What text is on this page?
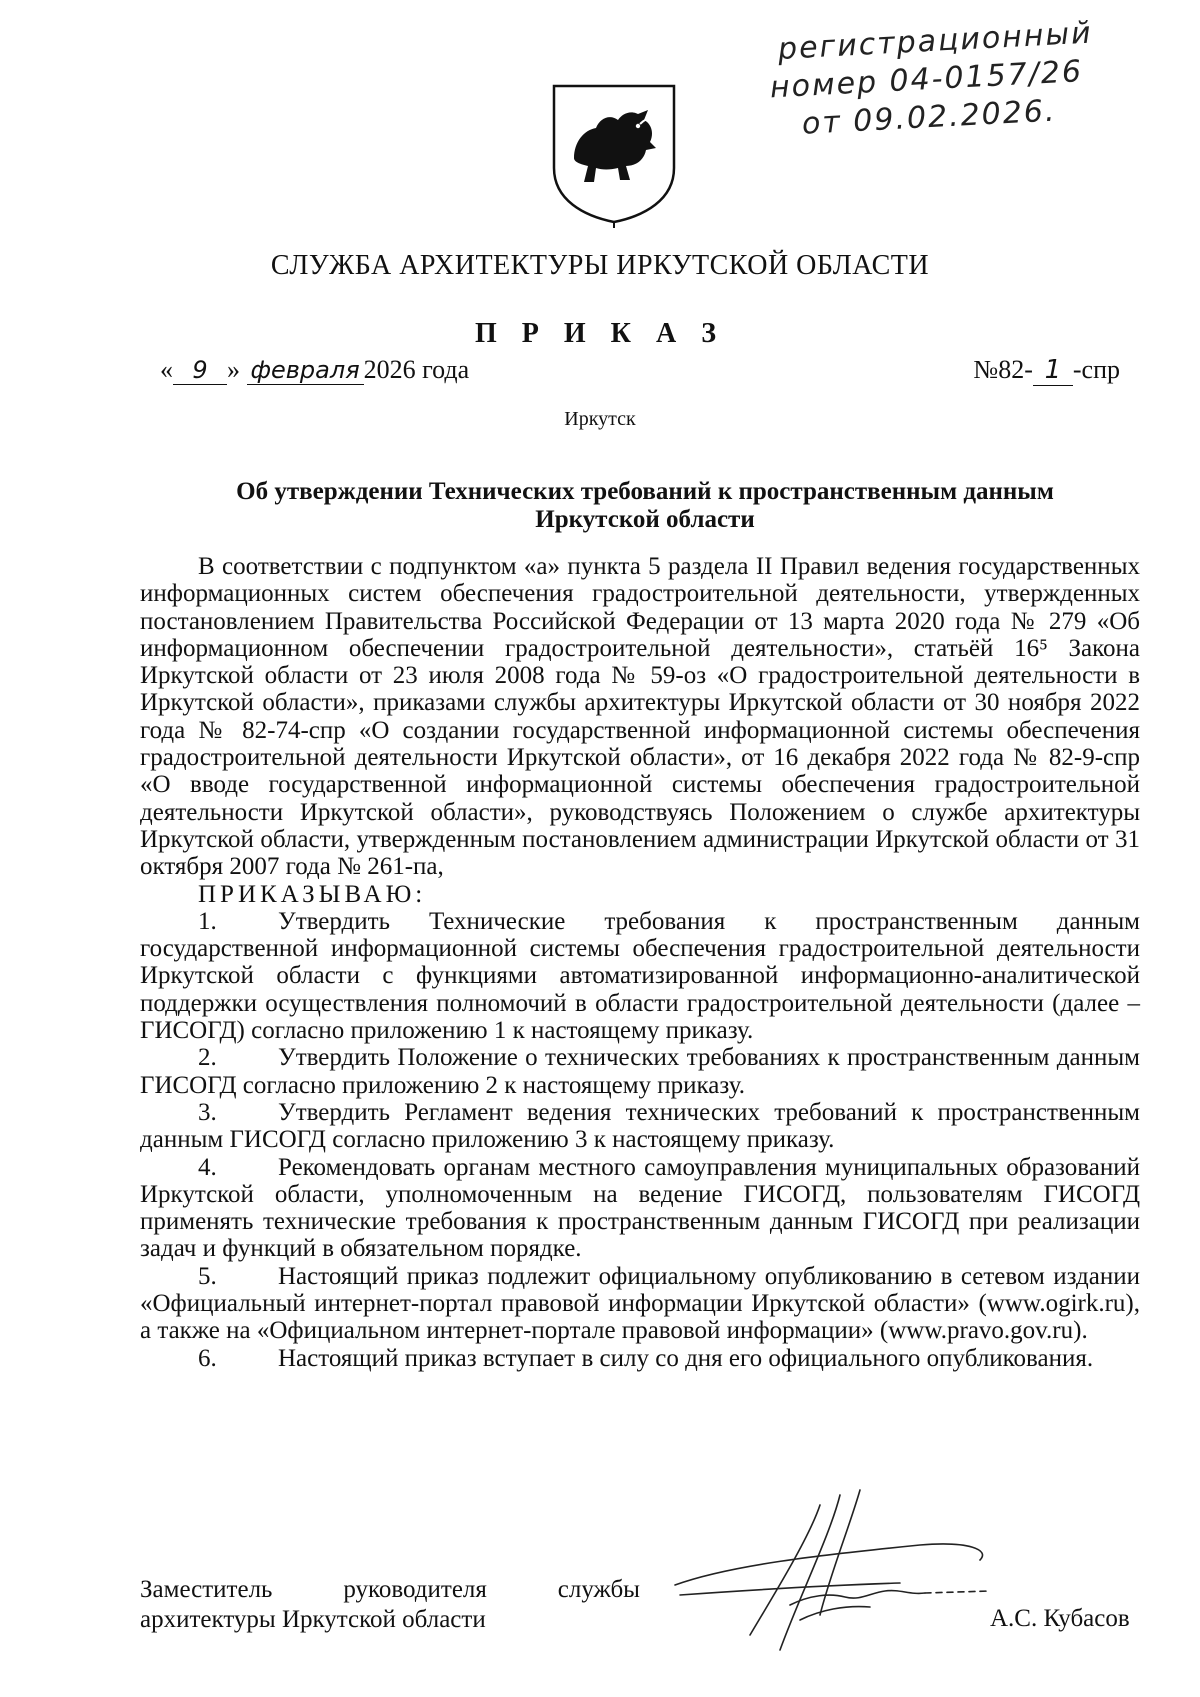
регистрационный
номер 04-0157/26
от 09.02.2026.
СЛУЖБА АРХИТЕКТУРЫ ИРКУТСКОЙ ОБЛАСТИ
П Р И К А З
« 9 » февраля 2026 года	№82- 1 -спр
Иркутск
Об утверждении Технических требований к пространственным данным
Иркутской области

В соответствии с подпунктом «а» пункта 5 раздела II Правил ведения государственных информационных систем обеспечения градостроительной деятельности, утвержденных постановлением Правительства Российской Федерации от 13 марта 2020 года № 279 «Об информационном обеспечении градостроительной деятельности», статьёй 16⁵ Закона Иркутской области от 23 июля 2008 года № 59-оз «О градостроительной деятельности в Иркутской области», приказами службы архитектуры Иркутской области от 30 ноября 2022 года № 82-74-спр «О создании государственной информационной системы обеспечения градостроительной деятельности Иркутской области», от 16 декабря 2022 года № 82-9-спр «О вводе государственной информационной системы обеспечения градостроительной деятельности Иркутской области», руководствуясь Положением о службе архитектуры Иркутской области, утвержденным постановлением администрации Иркутской области от 31 октября 2007 года № 261-па,

ПРИКАЗЫВАЮ:

1. Утвердить Технические требования к пространственным данным государственной информационной системы обеспечения градостроительной деятельности Иркутской области с функциями автоматизированной информационно-аналитической поддержки осуществления полномочий в области градостроительной деятельности (далее – ГИСОГД) согласно приложению 1 к настоящему приказу.

2. Утвердить Положение о технических требованиях к пространственным данным ГИСОГД согласно приложению 2 к настоящему приказу.

3. Утвердить Регламент ведения технических требований к пространственным данным ГИСОГД согласно приложению 3 к настоящему приказу.

4. Рекомендовать органам местного самоуправления муниципальных образований Иркутской области, уполномоченным на ведение ГИСОГД, пользователям ГИСОГД применять технические требования к пространственным данным ГИСОГД при реализации задач и функций в обязательном порядке.

5. Настоящий приказ подлежит официальному опубликованию в сетевом издании «Официальный интернет-портал правовой информации Иркутской области» (www.ogirk.ru), а также на «Официальном интернет-портале правовой информации» (www.pravo.gov.ru).

6. Настоящий приказ вступает в силу со дня его официального опубликования.

Заместитель	руководителя	службы
архитектуры Иркутской области	А.С. Кубасов
